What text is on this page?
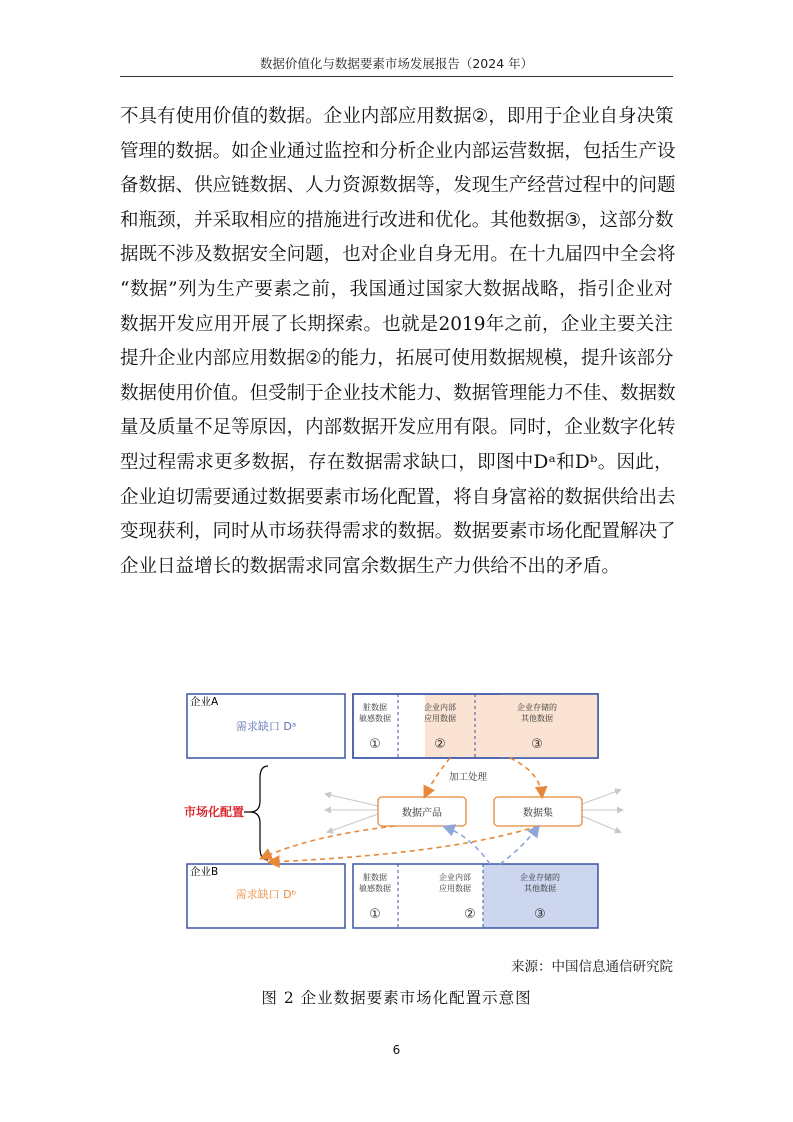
数据价值化与数据要素市场发展报告（2024 年）
不 具 有 使 用 价 值 的 数 据 。 企 业 内 部 应 用 数 据 ② ， 即 用 于 企 业 自 身 决 策
管 理 的 数 据 。 如 企 业 通 过 监 控 和 分 析 企 业 内 部 运 营 数 据 ， 包 括 生 产 设
备 数 据 、 供 应 链 数 据 、 人 力 资 源 数 据 等 ， 发 现 生 产 经 营 过 程 中 的 问 题
和 瓶 颈 ， 并 采 取 相 应 的 措 施 进 行 改 进 和 优 化 。 其 他 数 据 ③ ， 这 部 分 数
据 既 不 涉 及 数 据 安 全 问 题 ， 也 对 企 业 自 身 无 用 。 在 十 九 届 四 中 全 会 将
“ 数 据 ” 列 为 生 产 要 素 之 前 ， 我 国 通 过 国 家 大 数 据 战 略 ， 指 引 企 业 对
数 据 开 发 应 用 开 展 了 长 期 探 索 。 也 就 是 2019 年 之 前 ， 企 业 主 要 关 注
提 升 企 业 内 部 应 用 数 据 ② 的 能 力 ， 拓 展 可 使 用 数 据 规 模 ， 提 升 该 部 分
数 据 使 用 价 值 。 但 受 制 于 企 业 技 术 能 力 、 数 据 管 理 能 力 不 佳 、 数 据 数
量 及 质 量 不 足 等 原 因 ， 内 部 数 据 开 发 应 用 有 限 。 同 时 ， 企 业 数 字 化 转
型 过 程 需 求 更 多 数 据 ， 存 在 数 据 需 求 缺 口 ， 即 图 中 D ᵃ 和 D ᵇ 。 因 此 ，
企 业 迫 切 需 要 通 过 数 据 要 素 市 场 化 配 置 ， 将 自 身 富 裕 的 数 据 供 给 出 去
变 现 获 利 ， 同 时 从 市 场 获 得 需 求 的 数 据 。 数 据 要 素 市 场 化 配 置 解 决 了
企 业 日 益 增 长 的 数 据 需 求 同 富 余 数 据 生 产 力 供 给 不 出 的 矛 盾 。
企业A
需求缺口 Dᵃ
脏数据
敏感数据
①
企业内部
应用数据
②
企业存储的
其他数据
③
企业B
需求缺口 Dᵇ
脏数据
敏感数据
①
企业内部
应用数据
②
企业存储的
其他数据
③
市场化配置	数据产品	数据集
加工处理
来源：中国信息通信研究院
图 2 企业数据要素市场化配置示意图
6
